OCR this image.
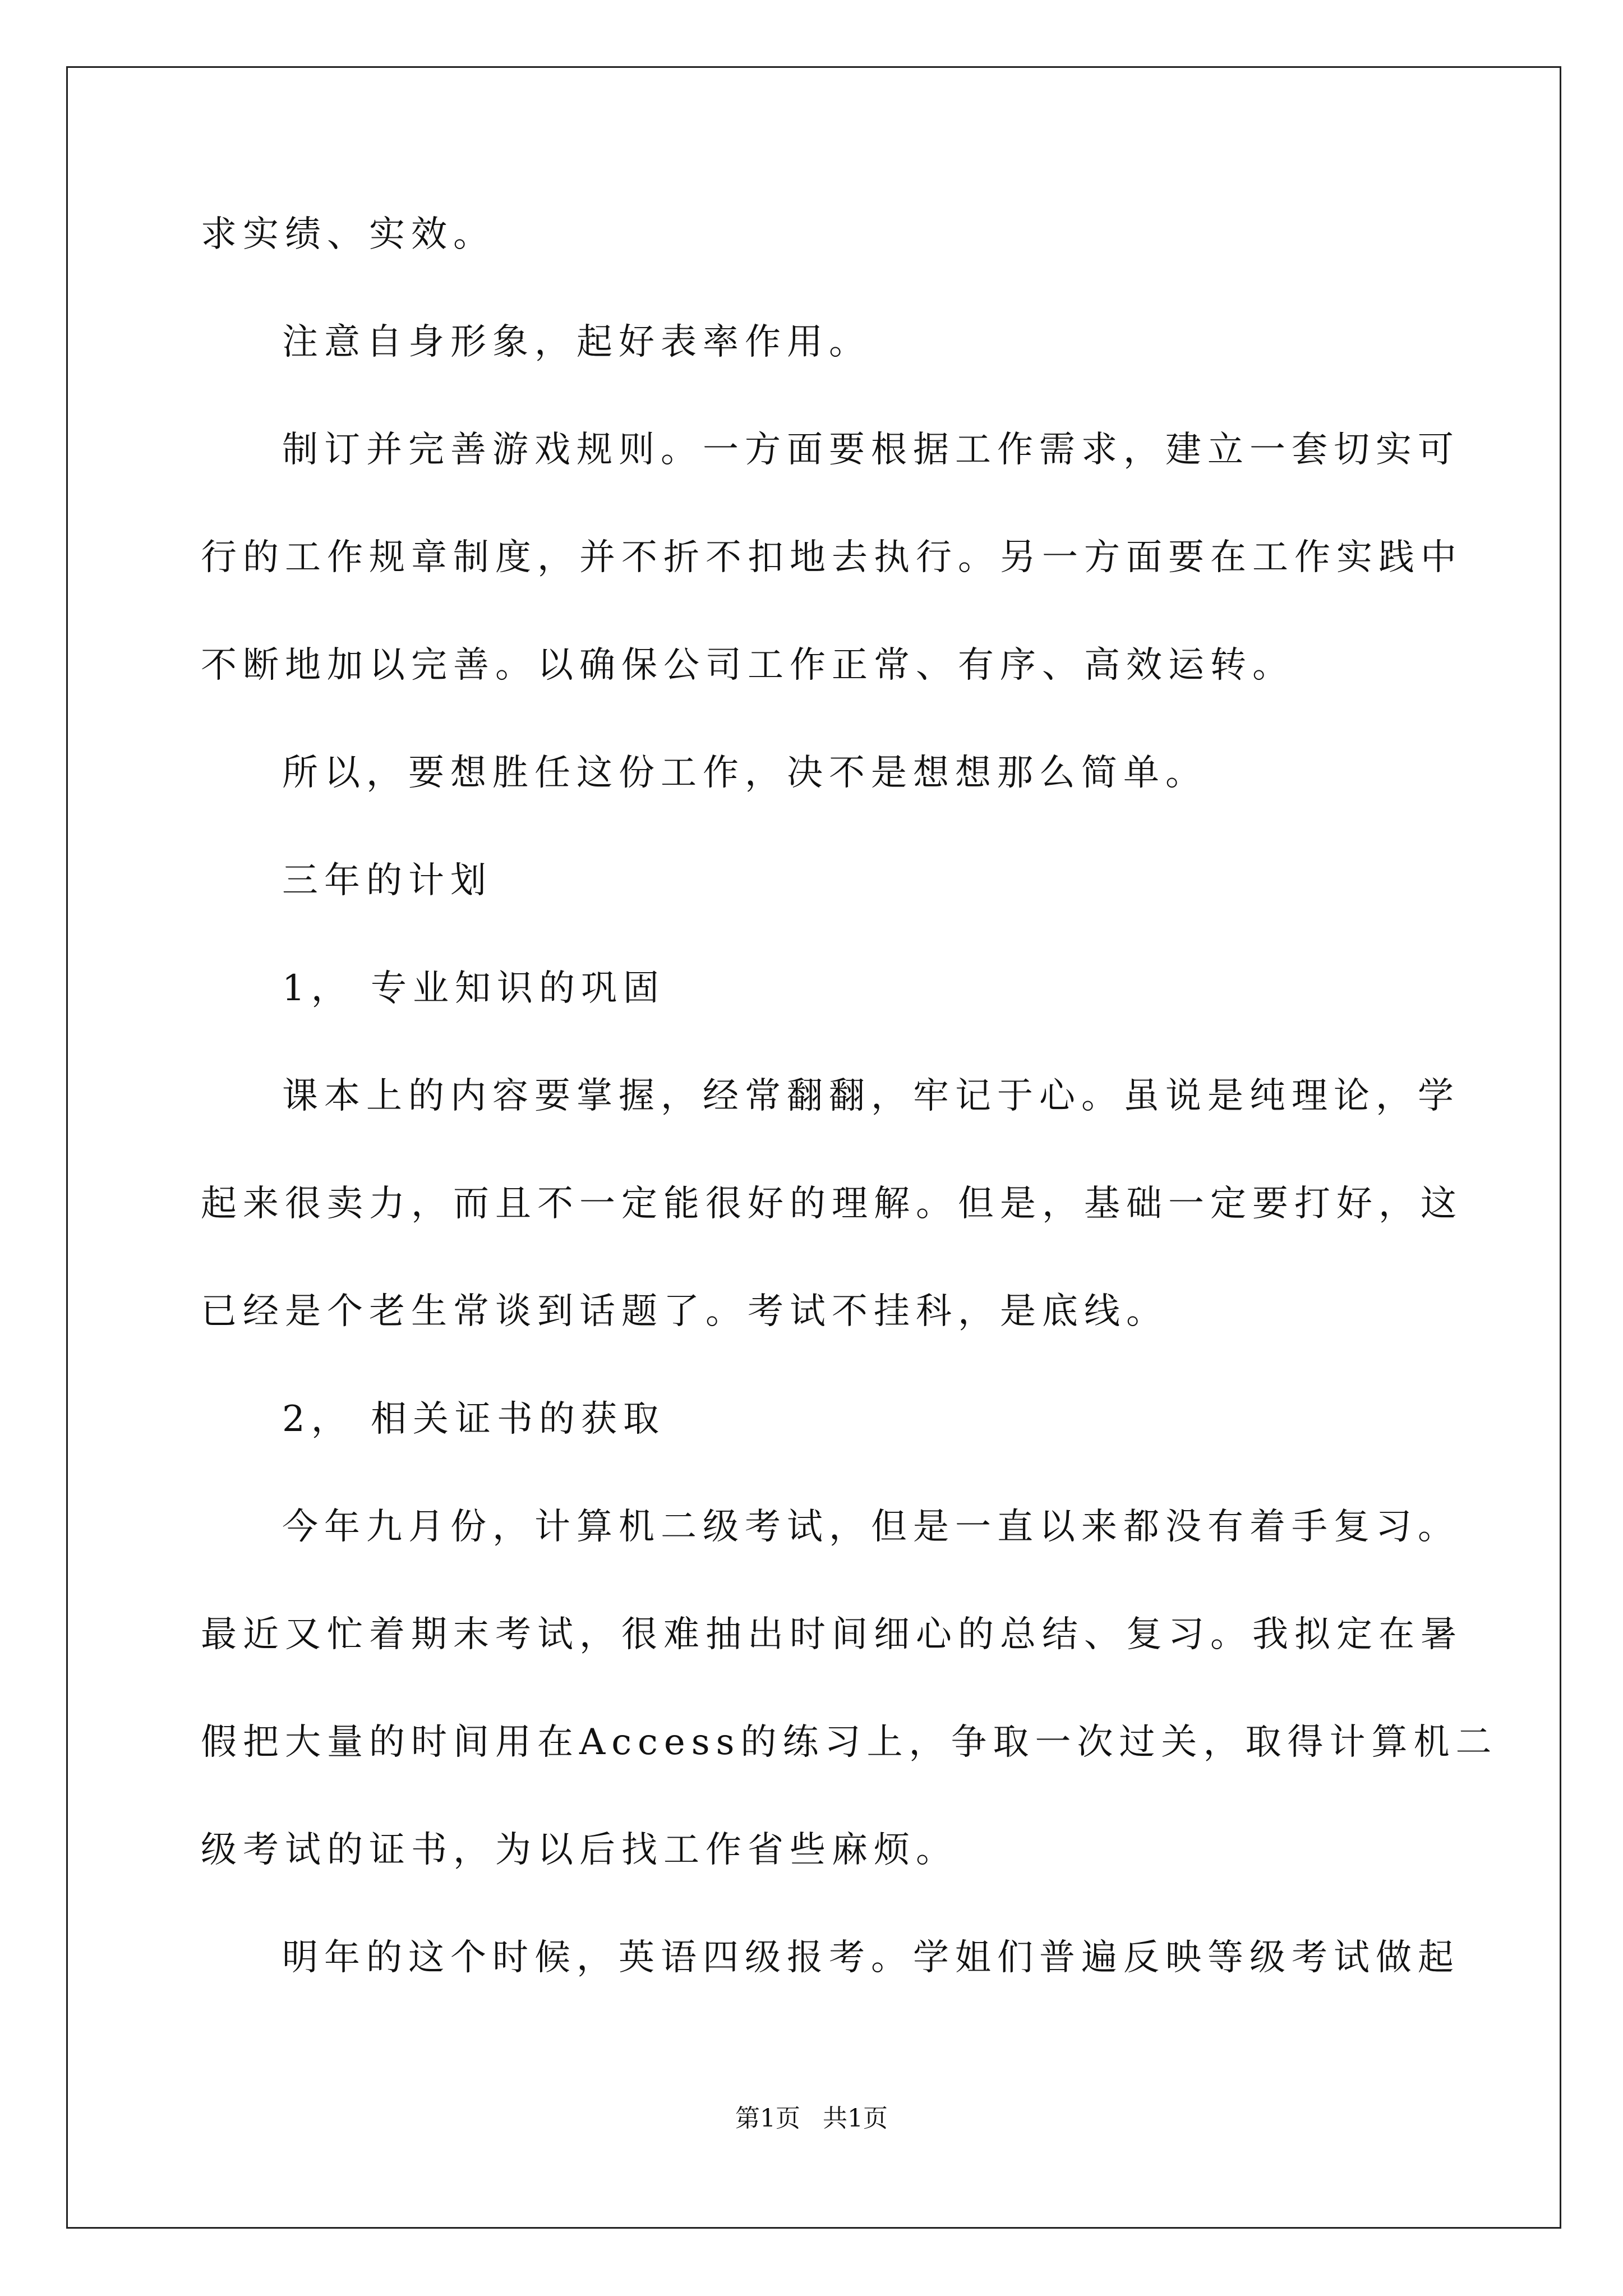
求实绩、实效。
注意自身形象，起好表率作用。
制订并完善游戏规则。一方面要根据工作需求，建立一套切实可
行的工作规章制度，并不折不扣地去执行。另一方面要在工作实践中
不断地加以完善。以确保公司工作正常、有序、高效运转。
所以，要想胜任这份工作，决不是想想那么简单。
三年的计划
1， 专业知识的巩固
课本上的内容要掌握，经常翻翻，牢记于心。虽说是纯理论，学
起来很卖力，而且不一定能很好的理解。但是，基础一定要打好，这
已经是个老生常谈到话题了。考试不挂科，是底线。
2， 相关证书的获取
今年九月份，计算机二级考试，但是一直以来都没有着手复习。
最近又忙着期末考试，很难抽出时间细心的总结、复习。我拟定在暑
假把大量的时间用在Access的练习上，争取一次过关，取得计算机二
级考试的证书，为以后找工作省些麻烦。
明年的这个时候，英语四级报考。学姐们普遍反映等级考试做起
第1页 共1页
